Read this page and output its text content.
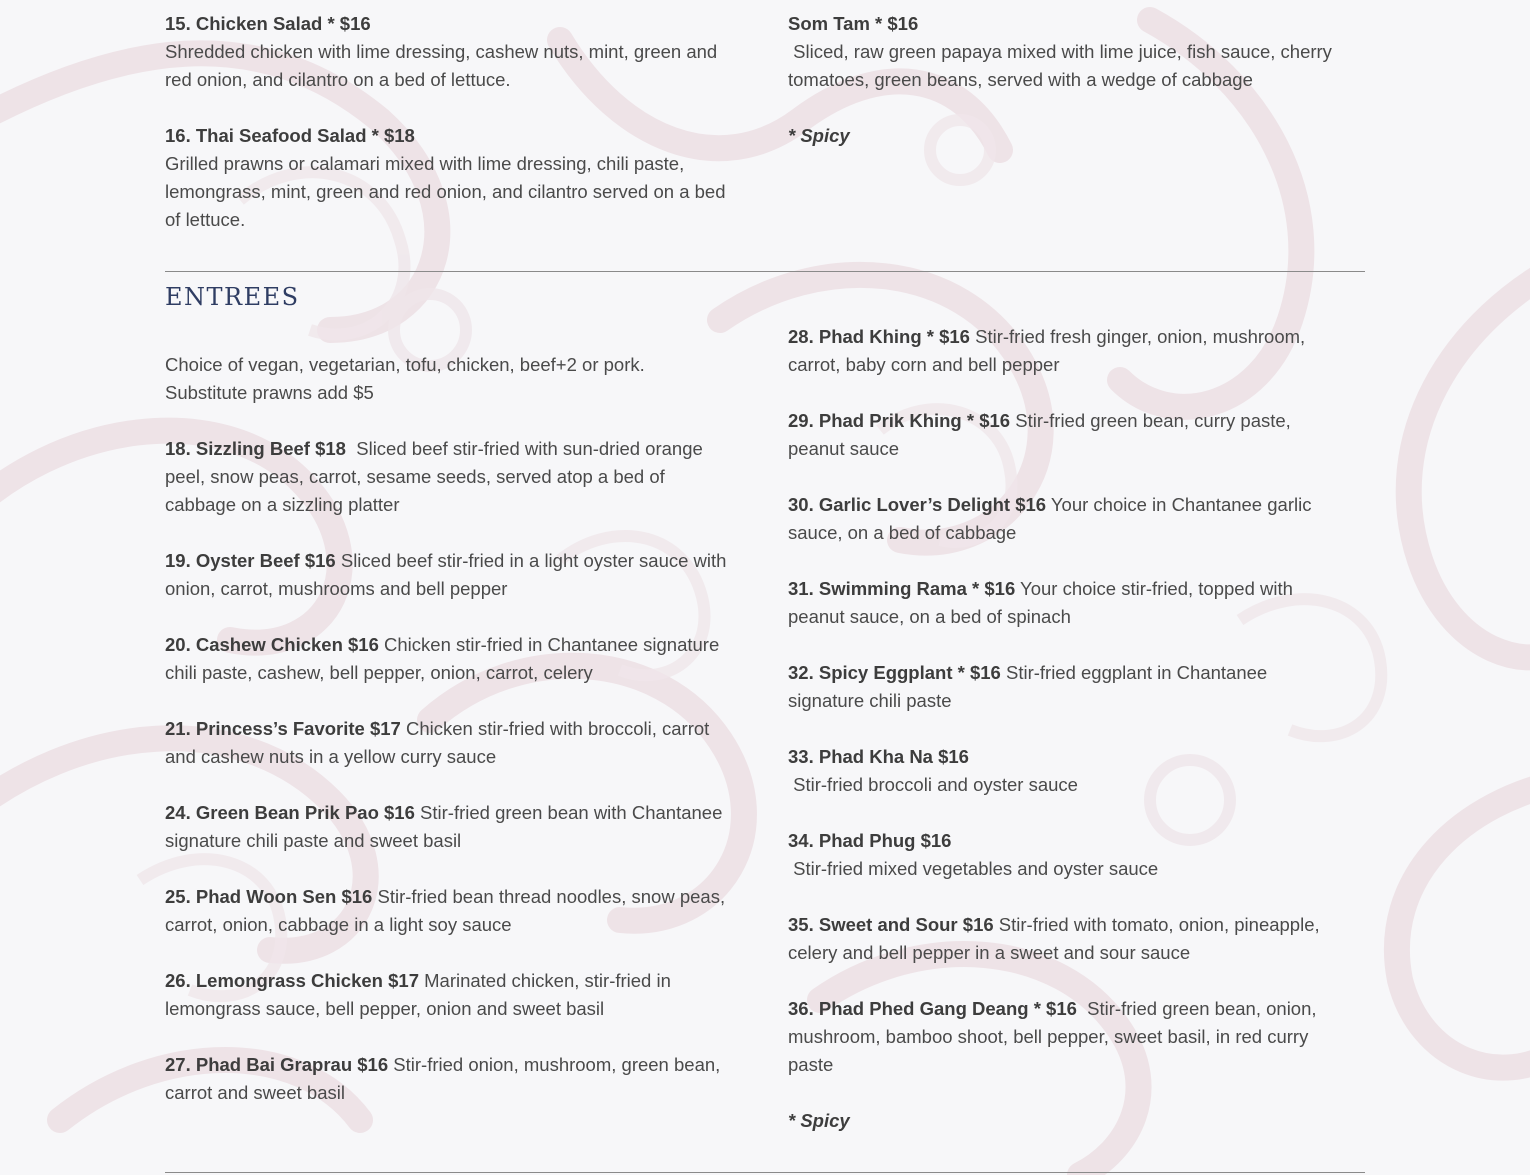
15. Chicken Salad * $16
Shredded chicken with lime dressing, cashew nuts, mint, green and red onion, and cilantro on a bed of lettuce.
16. Thai Seafood Salad * $18
Grilled prawns or calamari mixed with lime dressing, chili paste, lemongrass, mint, green and red onion, and cilantro served on a bed of lettuce.
Som Tam * $16
Sliced, raw green papaya mixed with lime juice, fish sauce, cherry tomatoes, green beans, served with a wedge of cabbage
* Spicy
ENTREES
Choice of vegan, vegetarian, tofu, chicken, beef+2 or pork.
Substitute prawns add $5
18. Sizzling Beef $18  Sliced beef stir-fried with sun-dried orange peel, snow peas, carrot, sesame seeds, served atop a bed of cabbage on a sizzling platter
19. Oyster Beef $16 Sliced beef stir-fried in a light oyster sauce with onion, carrot, mushrooms and bell pepper
20. Cashew Chicken $16 Chicken stir-fried in Chantanee signature chili paste, cashew, bell pepper, onion, carrot, celery
21. Princess’s Favorite $17 Chicken stir-fried with broccoli, carrot and cashew nuts in a yellow curry sauce
24. Green Bean Prik Pao $16 Stir-fried green bean with Chantanee signature chili paste and sweet basil
25. Phad Woon Sen $16 Stir-fried bean thread noodles, snow peas, carrot, onion, cabbage in a light soy sauce
26. Lemongrass Chicken $17 Marinated chicken, stir-fried in lemongrass sauce, bell pepper, onion and sweet basil
27. Phad Bai Graprau $16 Stir-fried onion, mushroom, green bean, carrot and sweet basil
28. Phad Khing * $16 Stir-fried fresh ginger, onion, mushroom, carrot, baby corn and bell pepper
29. Phad Prik Khing * $16 Stir-fried green bean, curry paste, peanut sauce
30. Garlic Lover’s Delight $16 Your choice in Chantanee garlic sauce, on a bed of cabbage
31. Swimming Rama * $16 Your choice stir-fried, topped with peanut sauce, on a bed of spinach
32. Spicy Eggplant * $16 Stir-fried eggplant in Chantanee signature chili paste
33. Phad Kha Na $16
Stir-fried broccoli and oyster sauce
34. Phad Phug $16
Stir-fried mixed vegetables and oyster sauce
35. Sweet and Sour $16 Stir-fried with tomato, onion, pineapple, celery and bell pepper in a sweet and sour sauce
36. Phad Phed Gang Deang * $16  Stir-fried green bean, onion, mushroom, bamboo shoot, bell pepper, sweet basil, in red curry paste
* Spicy
